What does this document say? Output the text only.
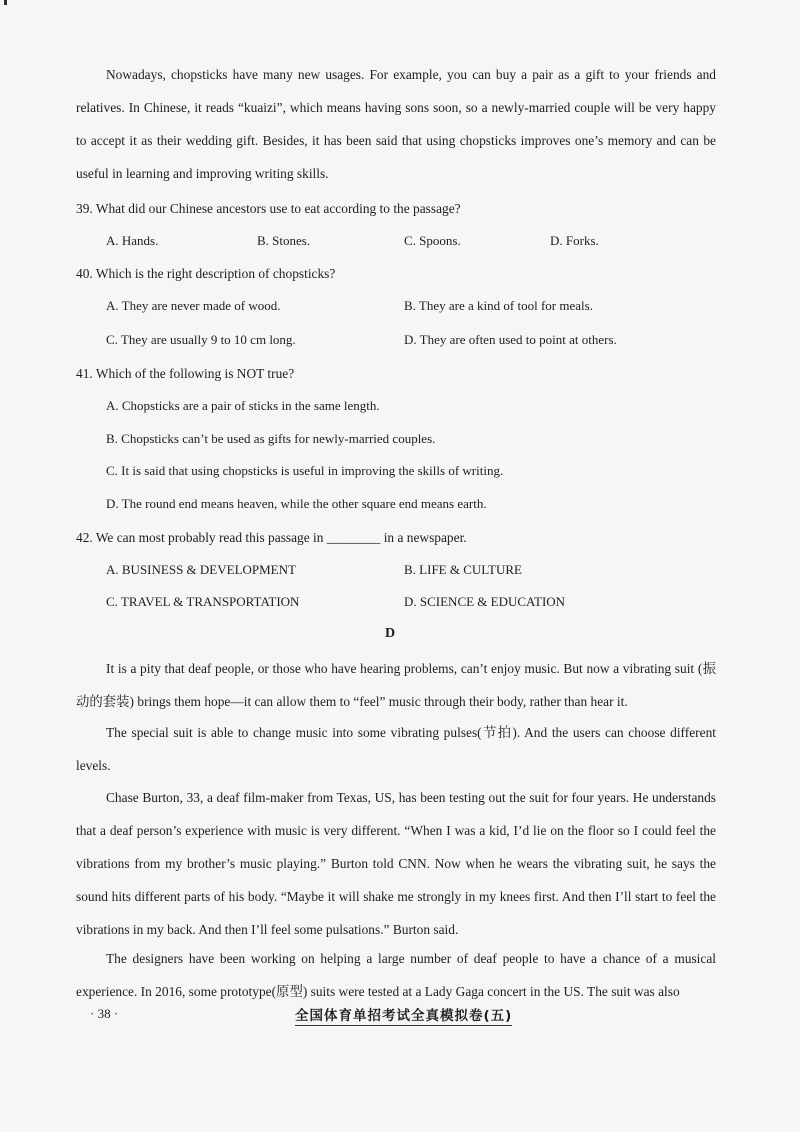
Nowadays, chopsticks have many new usages. For example, you can buy a pair as a gift to your friends and relatives. In Chinese, it reads “kuaizi”, which means having sons soon, so a newly-married couple will be very happy to accept it as their wedding gift. Besides, it has been said that using chopsticks improves one’s memory and can be useful in learning and improving writing skills.

39. What did our Chinese ancestors use to eat according to the passage?
A. Hands.	B. Stones.	C. Spoons.	D. Forks.
40. Which is the right description of chopsticks?
A. They are never made of wood.	B. They are a kind of tool for meals.
C. They are usually 9 to 10 cm long.	D. They are often used to point at others.
41. Which of the following is NOT true?
A. Chopsticks are a pair of sticks in the same length.
B. Chopsticks can’t be used as gifts for newly-married couples.
C. It is said that using chopsticks is useful in improving the skills of writing.
D. The round end means heaven, while the other square end means earth.
42. We can most probably read this passage in ________ in a newspaper.
A. BUSINESS & DEVELOPMENT	B. LIFE & CULTURE
C. TRAVEL & TRANSPORTATION	D. SCIENCE & EDUCATION
D

It is a pity that deaf people, or those who have hearing problems, can’t enjoy music. But now a vibrating suit (振动的套装) brings them hope—it can allow them to “feel” music through their body, rather than hear it.

The special suit is able to change music into some vibrating pulses(节拍). And the users can choose different levels.

Chase Burton, 33, a deaf film-maker from Texas, US, has been testing out the suit for four years. He understands that a deaf person’s experience with music is very different. “When I was a kid, I’d lie on the floor so I could feel the vibrations from my brother’s music playing.” Burton told CNN. Now when he wears the vibrating suit, he says the sound hits different parts of his body. “Maybe it will shake me strongly in my knees first. And then I’ll start to feel the vibrations in my back. And then I’ll feel some pulsations.” Burton said.

The designers have been working on helping a large number of deaf people to have a chance of a musical experience. In 2016, some prototype(原型) suits were tested at a Lady Gaga concert in the US. The suit was also

· 38 ·	全国体育单招考试全真模拟卷(五)
